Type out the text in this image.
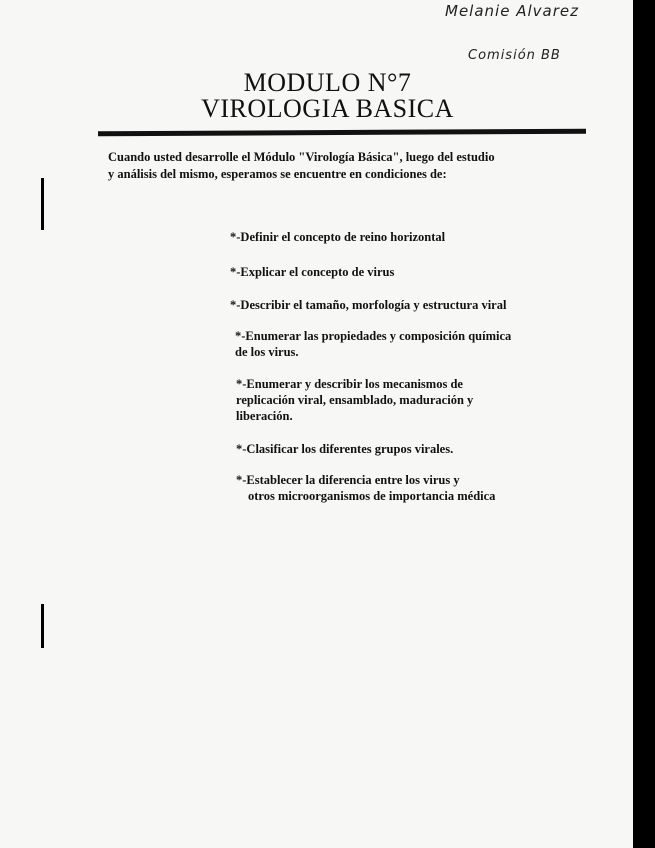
Melanie Alvarez
Comisión BB
MODULO N°7
VIROLOGIA BASICA
Cuando usted desarrolle el Módulo "Virología Básica", luego del estudio
y análisis del mismo, esperamos se encuentre en condiciones de:
*-Definir el concepto de reino horizontal
*-Explicar el concepto de virus
*-Describir el tamaño, morfología y estructura viral
*-Enumerar las propiedades y composición química
de los virus.
*-Enumerar y describir los mecanismos de
replicación viral, ensamblado, maduración y
liberación.
*-Clasificar los diferentes grupos virales.
*-Establecer la diferencia entre los virus y
otros microorganismos de importancia médica
